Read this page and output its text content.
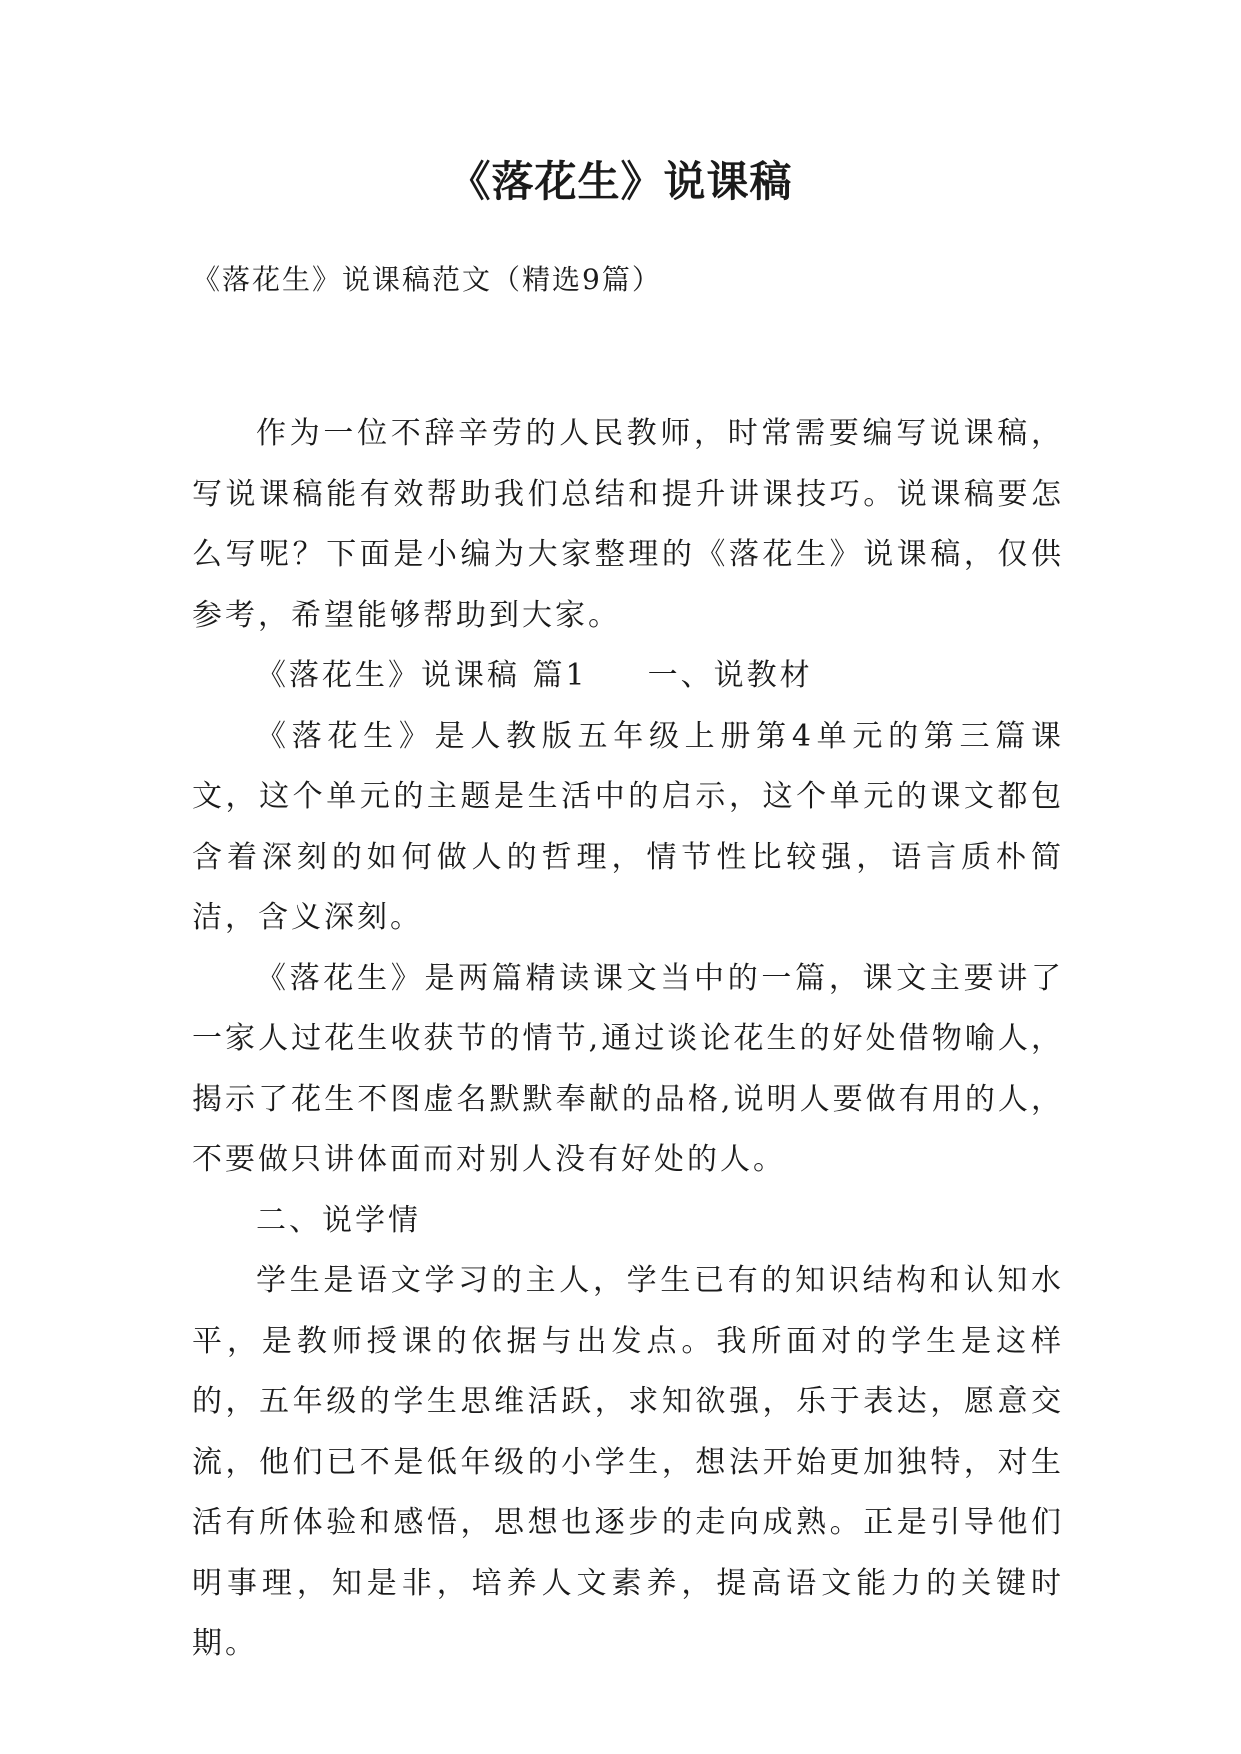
《落花生》说课稿
《落花生》说课稿范文（精选9篇）

作为一位不辞辛劳的人民教师，时常需要编写说课稿，写说课稿能有效帮助我们总结和提升讲课技巧。说课稿要怎么写呢？下面是小编为大家整理的《落花生》说课稿，仅供参考，希望能够帮助到大家。

《落花生》说课稿 篇1 一、说教材

《落花生》是人教版五年级上册第4单元的第三篇课文，这个单元的主题是生活中的启示，这个单元的课文都包含着深刻的如何做人的哲理，情节性比较强，语言质朴简洁，含义深刻。

《落花生》是两篇精读课文当中的一篇，课文主要讲了一家人过花生收获节的情节,通过谈论花生的好处借物喻人，揭示了花生不图虚名默默奉献的品格,说明人要做有用的人，不要做只讲体面而对别人没有好处的人。

二、说学情

学生是语文学习的主人，学生已有的知识结构和认知水平，是教师授课的依据与出发点。我所面对的学生是这样的，五年级的学生思维活跃，求知欲强，乐于表达，愿意交流，他们已不是低年级的小学生，想法开始更加独特，对生活有所体验和感悟，思想也逐步的走向成熟。正是引导他们明事理，知是非，培养人文素养，提高语文能力的关键时期。
